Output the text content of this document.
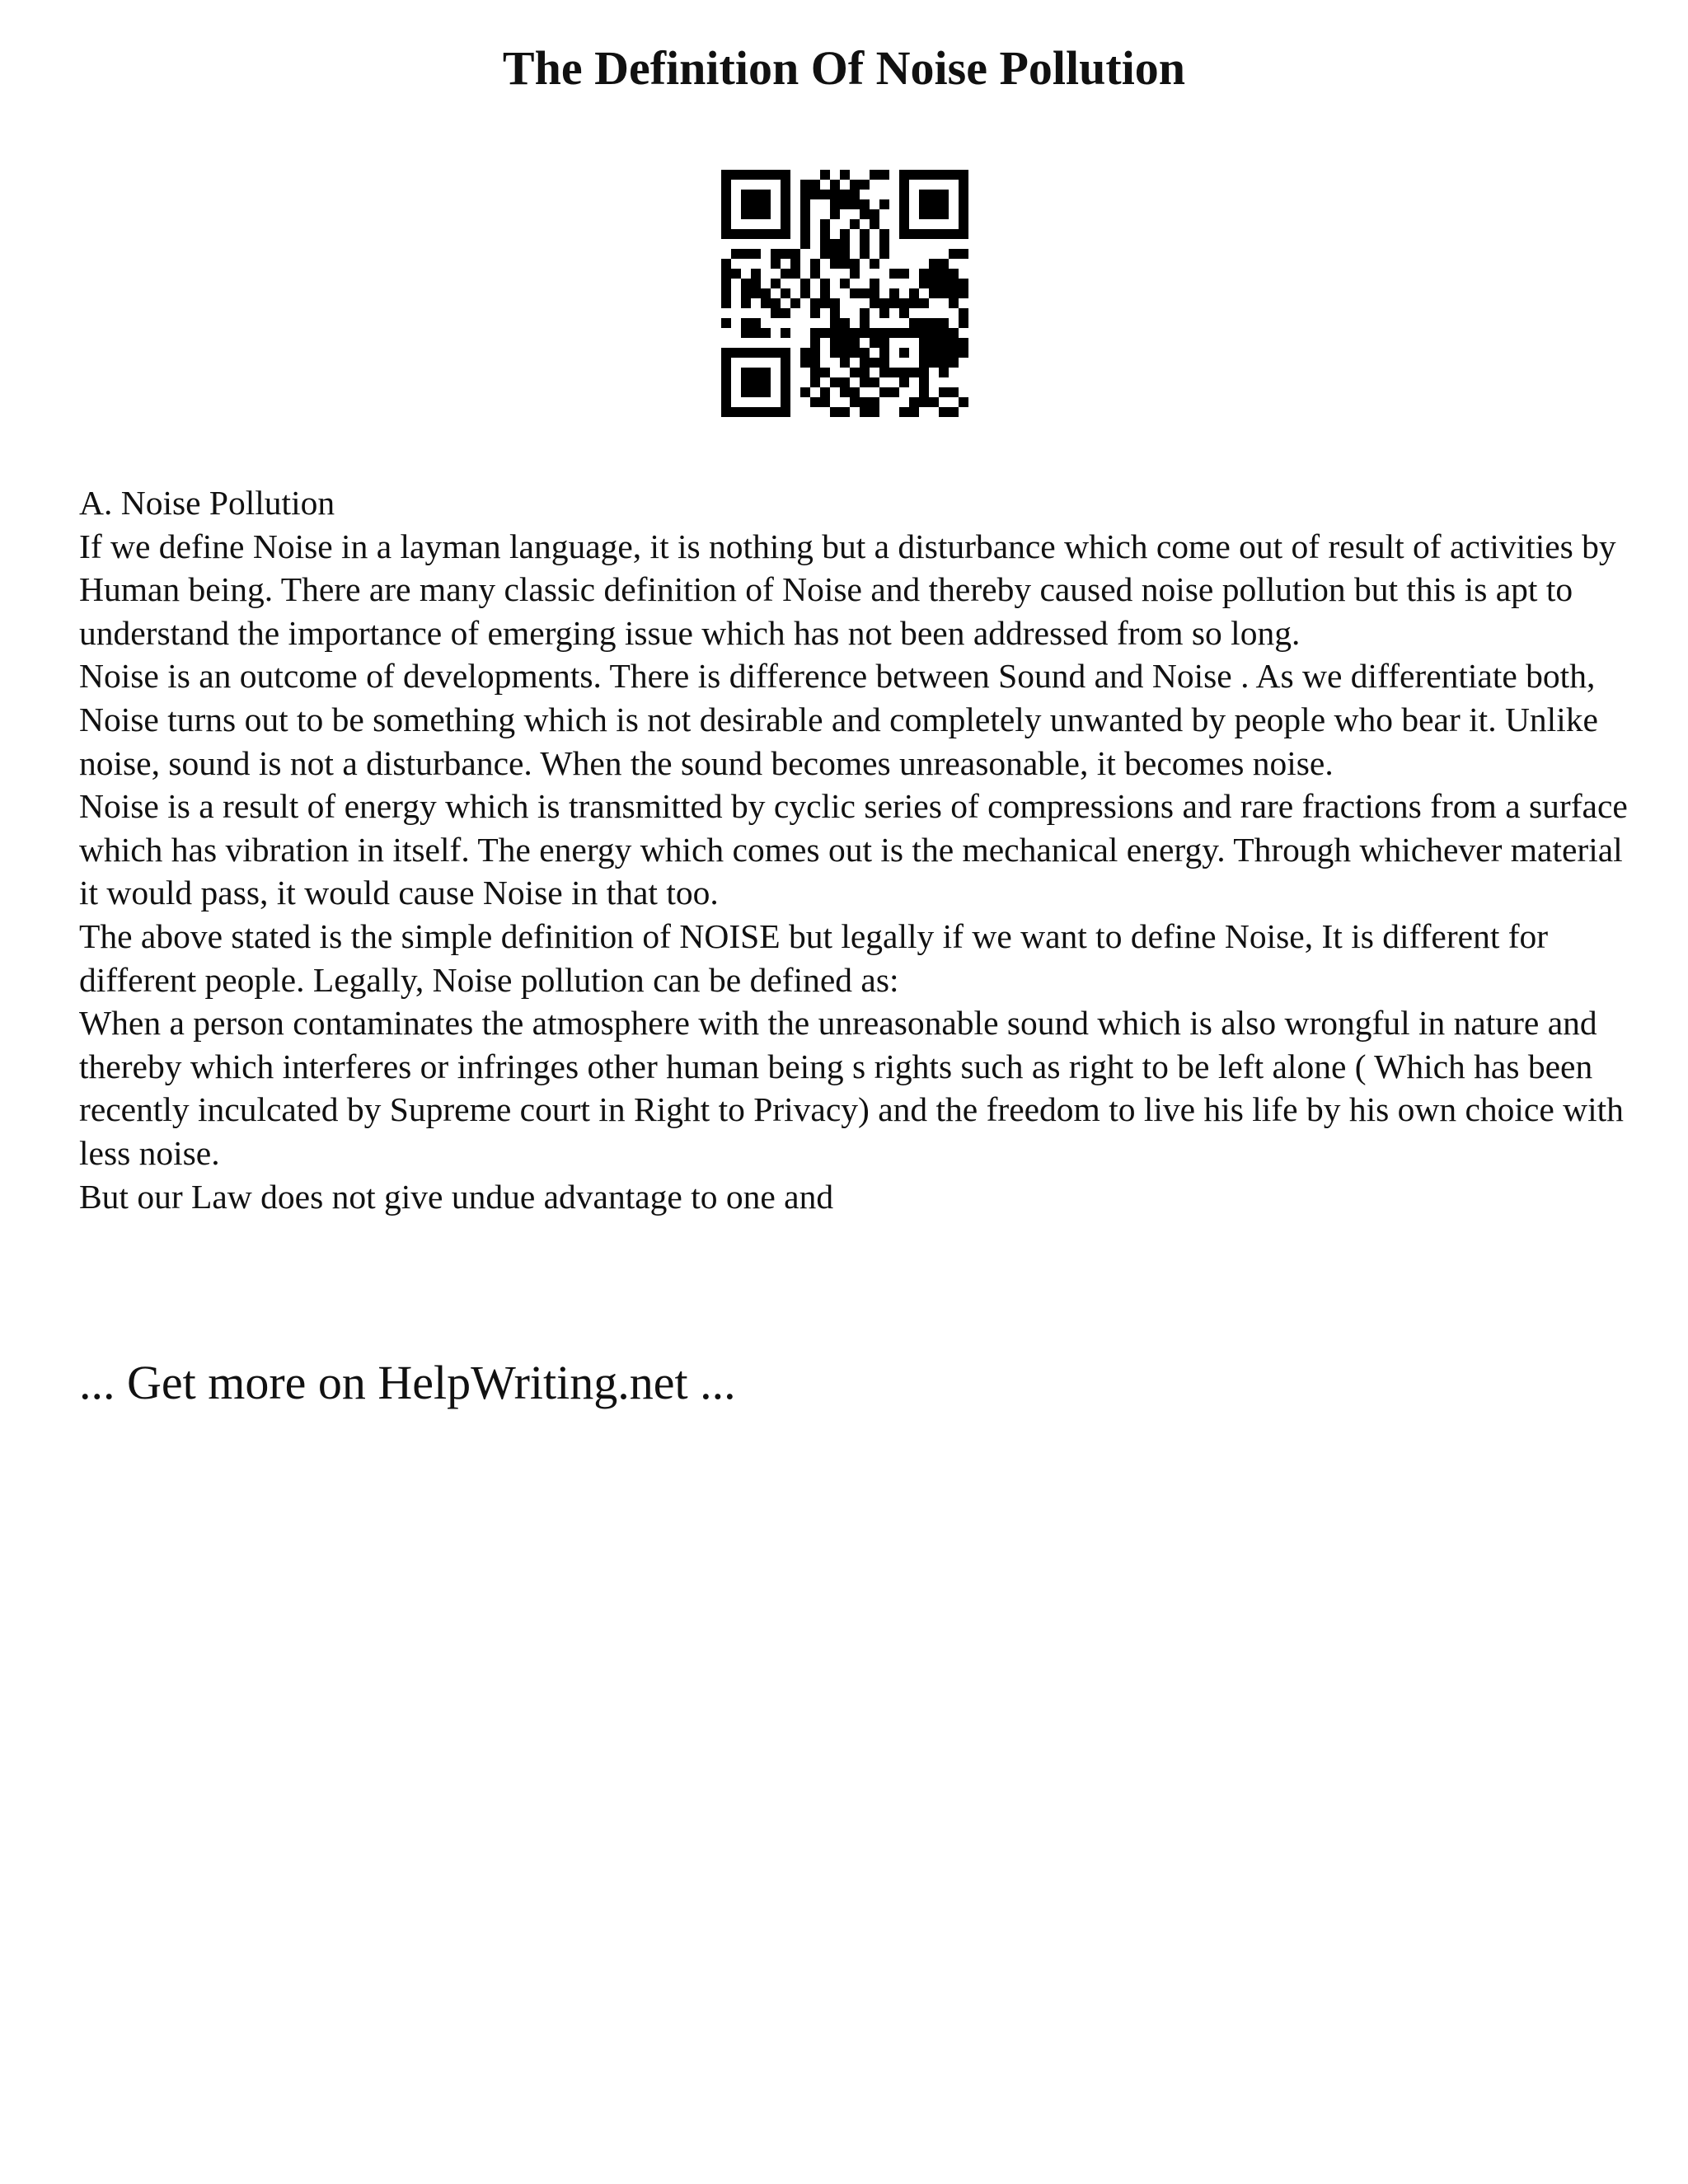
The Definition Of Noise Pollution

A. Noise Pollution

If we define Noise in a layman language, it is nothing but a disturbance which come out of result of activities by Human being. There are many classic definition of Noise and thereby caused noise pollution but this is apt to understand the importance of emerging issue which has not been addressed from so long.

Noise is an outcome of developments. There is difference between Sound and Noise . As we differentiate both, Noise turns out to be something which is not desirable and completely unwanted by people who bear it. Unlike noise, sound is not a disturbance. When the sound becomes unreasonable, it becomes noise.

Noise is a result of energy which is transmitted by cyclic series of compressions and rare fractions from a surface which has vibration in itself. The energy which comes out is the mechanical energy. Through whichever material it would pass, it would cause Noise in that too.

The above stated is the simple definition of NOISE but legally if we want to define Noise, It is different for different people. Legally, Noise pollution can be defined as:

When a person contaminates the atmosphere with the unreasonable sound which is also wrongful in nature and thereby which interferes or infringes other human being s rights such as right to be left alone ( Which has been recently inculcated by Supreme court in Right to Privacy) and the freedom to live his life by his own choice with less noise.

But our Law does not give undue advantage to one and

... Get more on HelpWriting.net ...
